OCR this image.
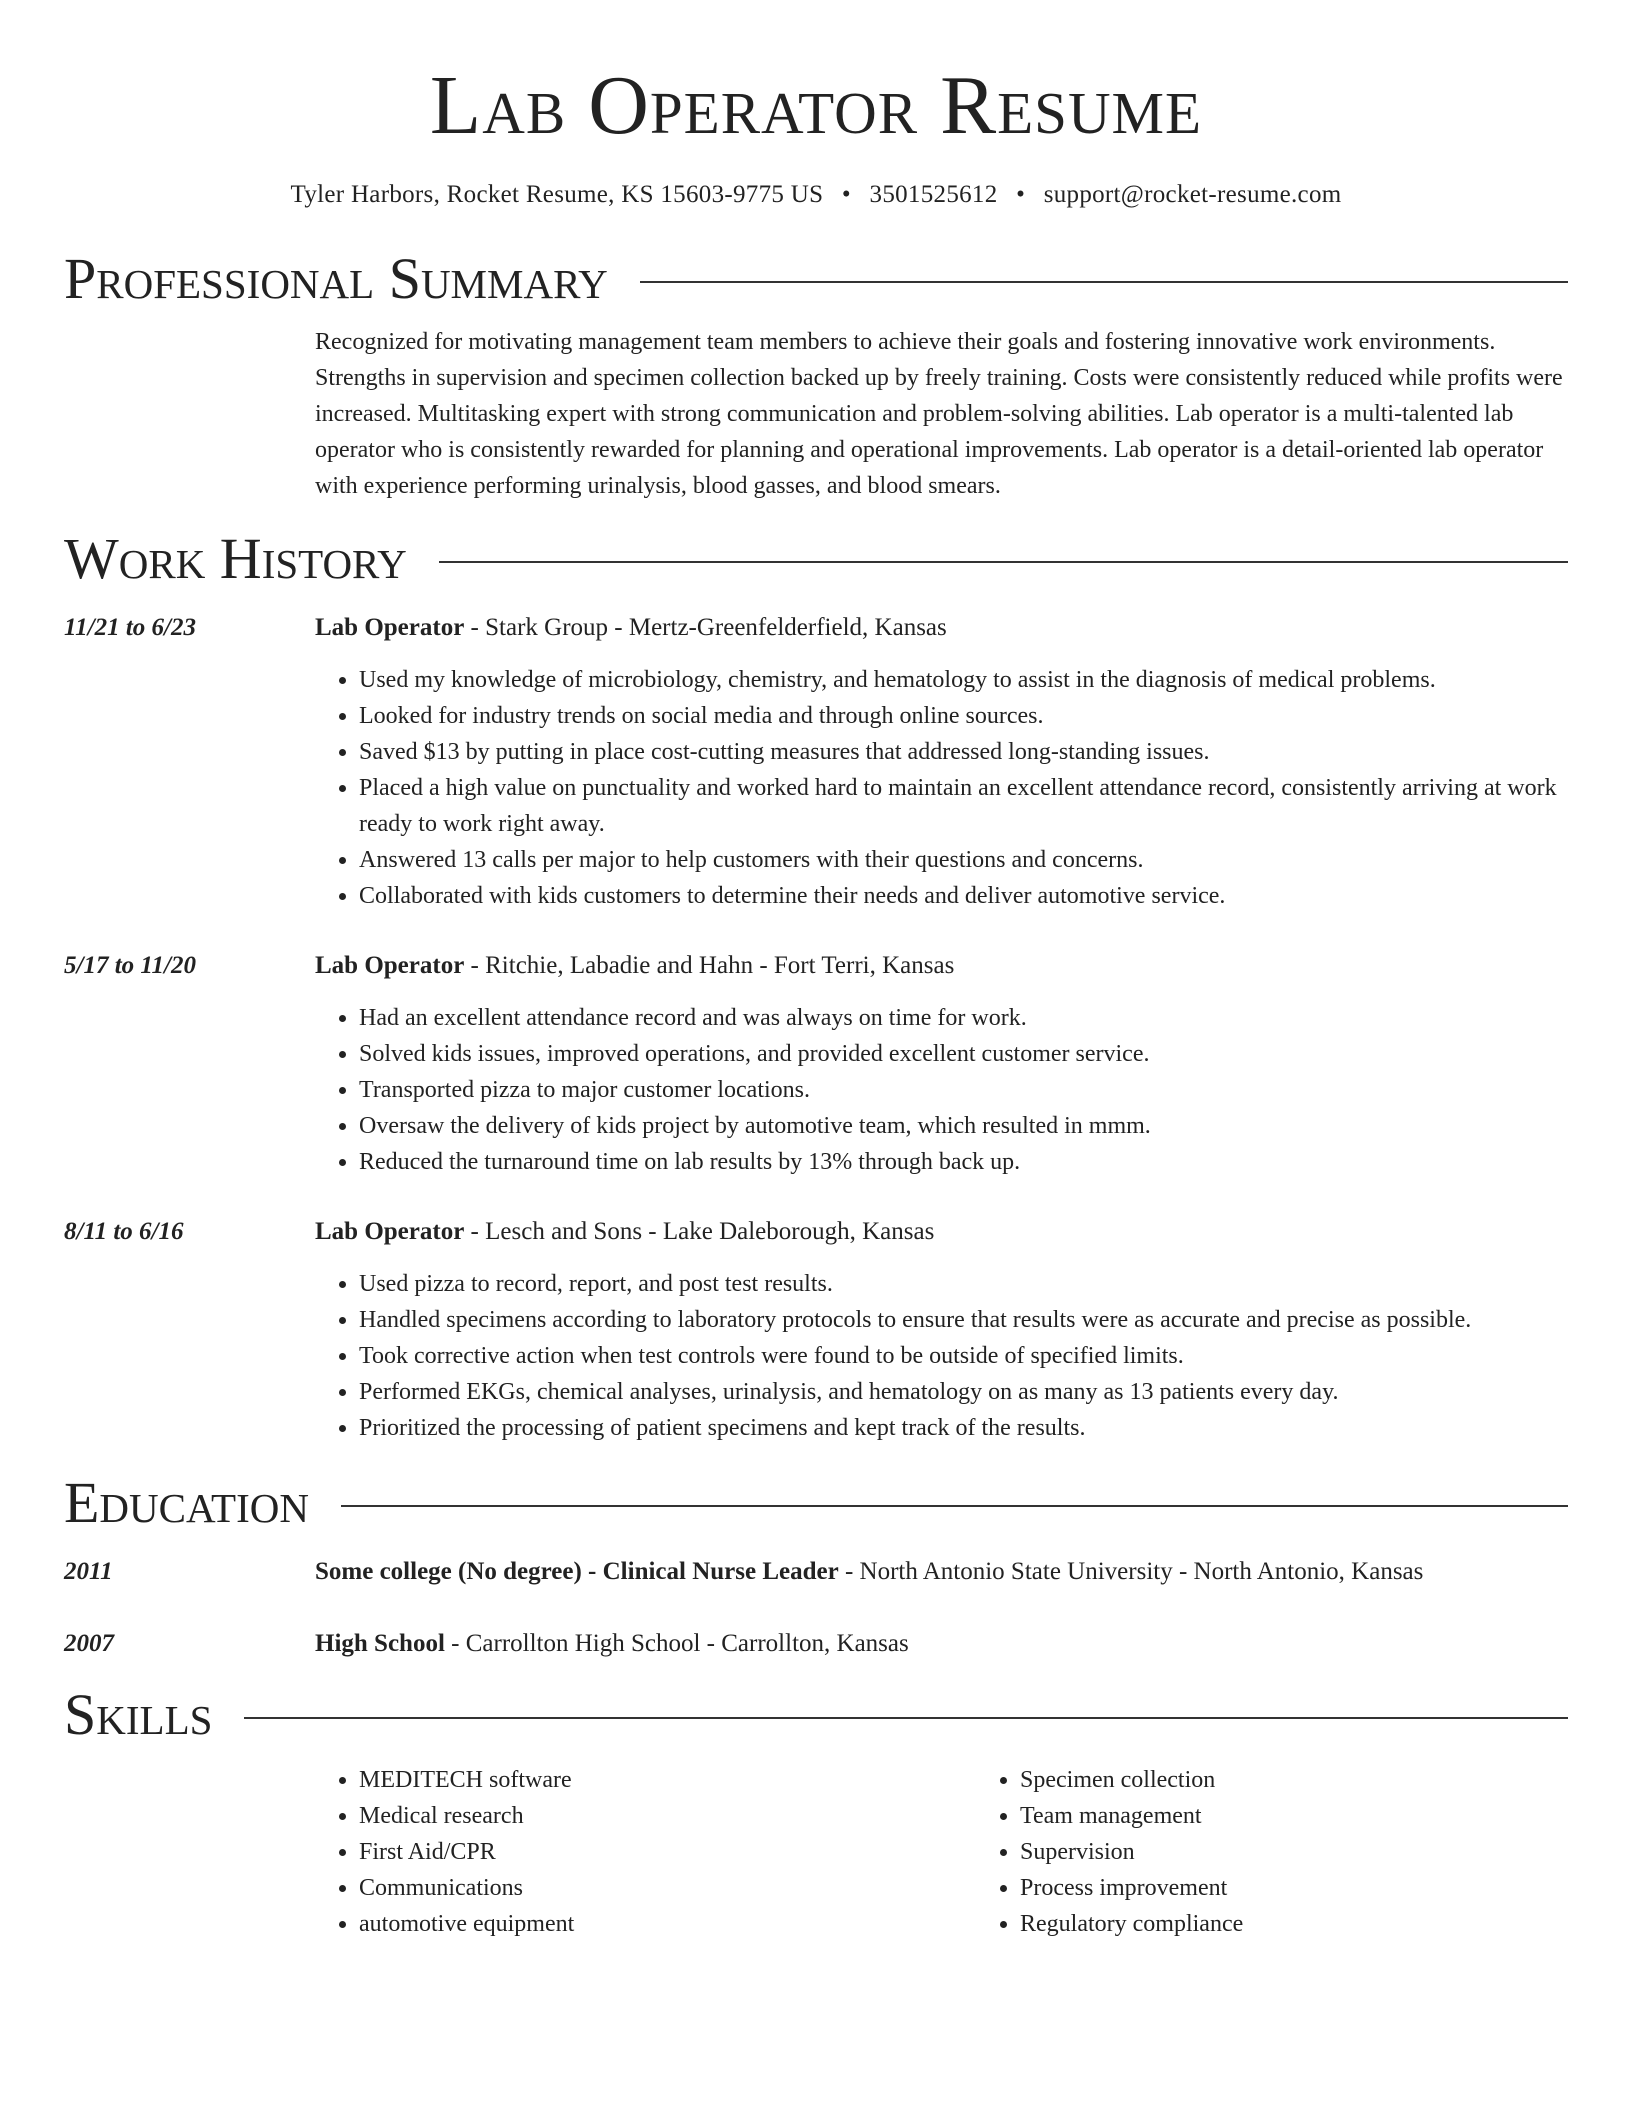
Lab Operator Resume
Tyler Harbors, Rocket Resume, KS 15603-9775 US • 3501525612 • support@rocket-resume.com
Professional Summary
Recognized for motivating management team members to achieve their goals and fostering innovative work environments. Strengths in supervision and specimen collection backed up by freely training. Costs were consistently reduced while profits were increased. Multitasking expert with strong communication and problem-solving abilities. Lab operator is a multi-talented lab operator who is consistently rewarded for planning and operational improvements. Lab operator is a detail-oriented lab operator with experience performing urinalysis, blood gasses, and blood smears.
Work History
11/21 to 6/23	Lab Operator - Stark Group - Mertz-Greenfelderfield, Kansas
• Used my knowledge of microbiology, chemistry, and hematology to assist in the diagnosis of medical problems.
• Looked for industry trends on social media and through online sources.
• Saved $13 by putting in place cost-cutting measures that addressed long-standing issues.
• Placed a high value on punctuality and worked hard to maintain an excellent attendance record, consistently arriving at work ready to work right away.
• Answered 13 calls per major to help customers with their questions and concerns.
• Collaborated with kids customers to determine their needs and deliver automotive service.
5/17 to 11/20	Lab Operator - Ritchie, Labadie and Hahn - Fort Terri, Kansas
• Had an excellent attendance record and was always on time for work.
• Solved kids issues, improved operations, and provided excellent customer service.
• Transported pizza to major customer locations.
• Oversaw the delivery of kids project by automotive team, which resulted in mmm.
• Reduced the turnaround time on lab results by 13% through back up.
8/11 to 6/16	Lab Operator - Lesch and Sons - Lake Daleborough, Kansas
• Used pizza to record, report, and post test results.
• Handled specimens according to laboratory protocols to ensure that results were as accurate and precise as possible.
• Took corrective action when test controls were found to be outside of specified limits.
• Performed EKGs, chemical analyses, urinalysis, and hematology on as many as 13 patients every day.
• Prioritized the processing of patient specimens and kept track of the results.
Education
2011	Some college (No degree) - Clinical Nurse Leader - North Antonio State University - North Antonio, Kansas
2007	High School - Carrollton High School - Carrollton, Kansas
Skills
• MEDITECH software
• Medical research
• First Aid/CPR
• Communications
• automotive equipment
• Specimen collection
• Team management
• Supervision
• Process improvement
• Regulatory compliance
